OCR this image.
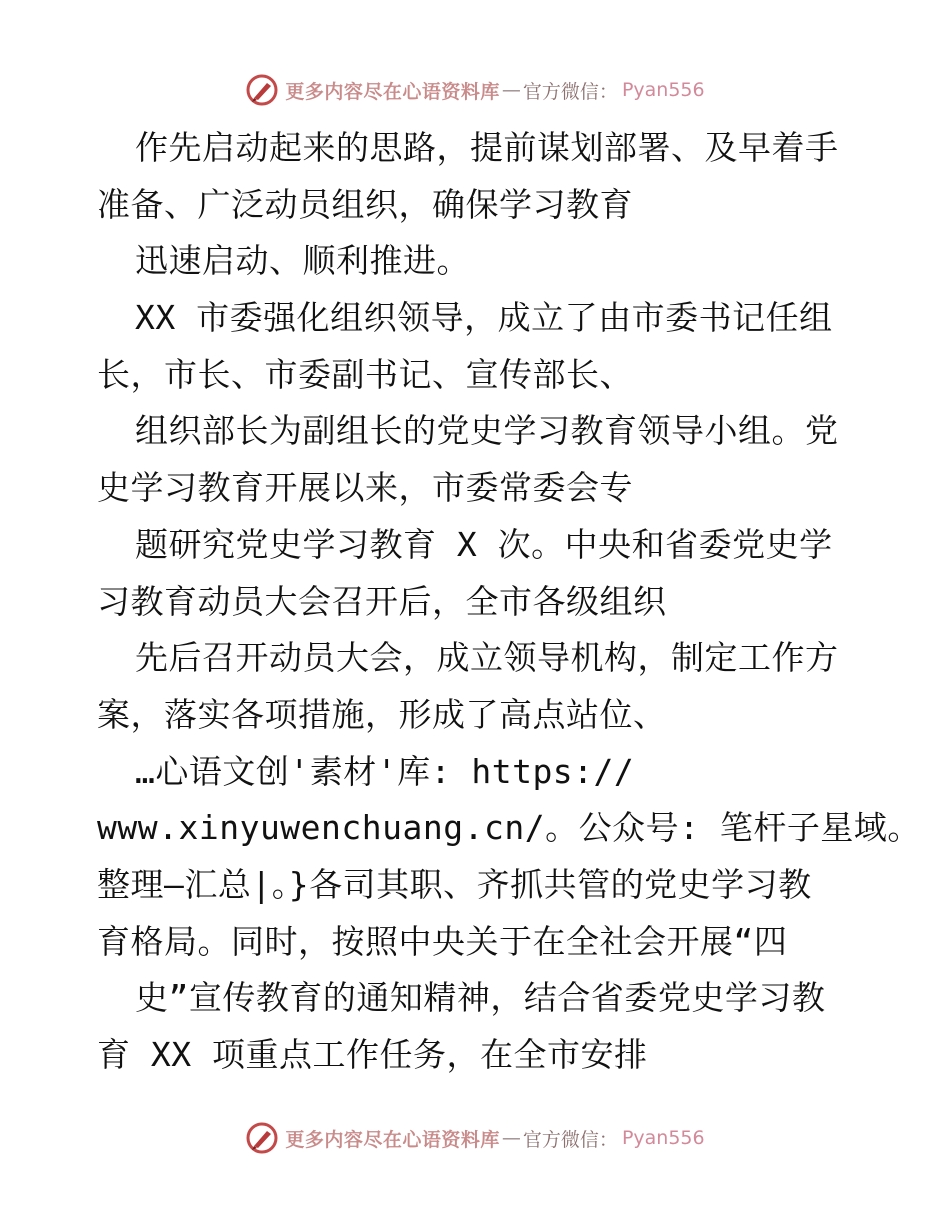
更多内容尽在心语资料库 — 官方微信： Pyan556
作先启动起来的思路，提前谋划部署、及早着手
准备、广泛动员组织，确保学习教育
迅速启动、顺利推进。
XX 市委强化组织领导，成立了由市委书记任组
长，市长、市委副书记、宣传部长、
组织部长为副组长的党史学习教育领导小组。党
史学习教育开展以来，市委常委会专
题研究党史学习教育 X 次。中央和省委党史学
习教育动员大会召开后，全市各级组织
先后召开动员大会，成立领导机构，制定工作方
案，落实各项措施，形成了高点站位、
…心语文创'素材'库: https://
www.xinyuwenchuang.cn/。公众号: 笔杆子星域。
整理—汇总|。}各司其职、齐抓共管的党史学习教
育格局。同时，按照中央关于在全社会开展“四
史”宣传教育的通知精神，结合省委党史学习教
育 XX 项重点工作任务，在全市安排
更多内容尽在心语资料库 — 官方微信： Pyan556
